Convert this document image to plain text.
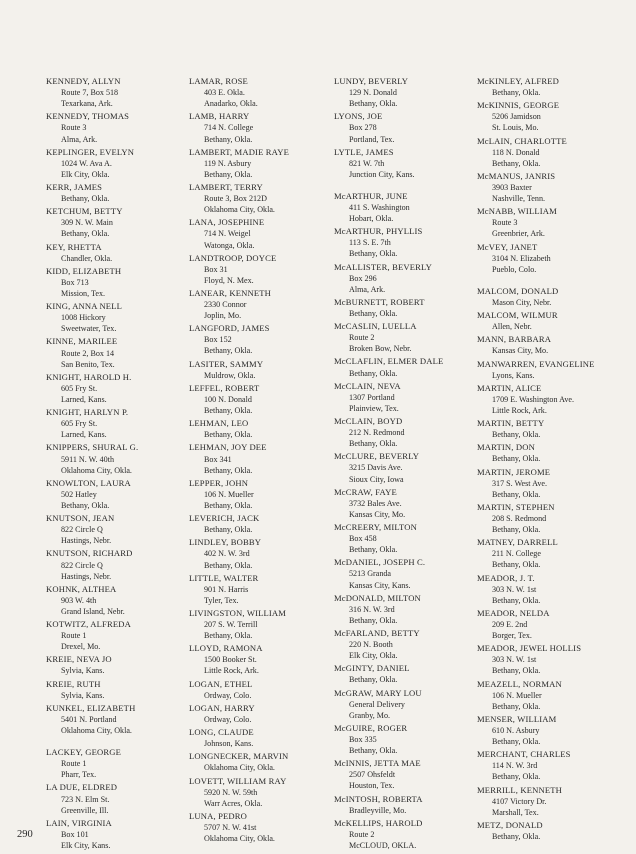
KENNEDY, ALLYN
Route 7, Box 518
Texarkana, Ark.
KENNEDY, THOMAS
Route 3
Alma, Ark.
KEPLINGER, EVELYN
1024 W. Ava A.
Elk City, Okla.
KERR, JAMES
Bethany, Okla.
KETCHUM, BETTY
309 N. W. Main
Bethany, Okla.
KEY, RHETTA
Chandler, Okla.
KIDD, ELIZABETH
Box 713
Mission, Tex.
KING, ANNA NELL
1008 Hickory
Sweetwater, Tex.
KINNE, MARILEE
Route 2, Box 14
San Benito, Tex.
KNIGHT, HAROLD H.
605 Fry St.
Larned, Kans.
KNIGHT, HARLYN P.
605 Fry St.
Larned, Kans.
KNIPPERS, SHURAL G.
5911 N. W. 40th
Oklahoma City, Okla.
KNOWLTON, LAURA
502 Hatley
Bethany, Okla.
KNUTSON, JEAN
822 Circle Q
Hastings, Nebr.
KNUTSON, RICHARD
822 Circle Q
Hastings, Nebr.
KOHNK, ALTHEA
903 W. 4th
Grand Island, Nebr.
KOTWITZ, ALFREDA
Route 1
Drexel, Mo.
KREIE, NEVA JO
Sylvia, Kans.
KREIE, RUTH
Sylvia, Kans.
KUNKEL, ELIZABETH
5401 N. Portland
Oklahoma City, Okla.
LACKEY, GEORGE
Route 1
Pharr, Tex.
LA DUE, ELDRED
723 N. Elm St.
Greenville, Ill.
LAIN, VIRGINIA
Box 101
Elk City, Kans.
LAMAR, ROSE
403 E. Okla.
Anadarko, Okla.
LAMB, HARRY
714 N. College
Bethany, Okla.
LAMBERT, MADIE RAYE
119 N. Asbury
Bethany, Okla.
LAMBERT, TERRY
Route 3, Box 212D
Oklahoma City, Okla.
LANA, JOSEPHINE
714 N. Weigel
Watonga, Okla.
LANDTROOP, DOYCE
Box 31
Floyd, N. Mex.
LANEAR, KENNETH
2330 Connor
Joplin, Mo.
LANGFORD, JAMES
Box 152
Bethany, Okla.
LASITER, SAMMY
Muldrow, Okla.
LEFFEL, ROBERT
100 N. Donald
Bethany, Okla.
LEHMAN, LEO
Bethany, Okla.
LEHMAN, JOY DEE
Box 341
Bethany, Okla.
LEPPER, JOHN
106 N. Mueller
Bethany, Okla.
LEVERICH, JACK
Bethany, Okla.
LINDLEY, BOBBY
402 N. W. 3rd
Bethany, Okla.
LITTLE, WALTER
901 N. Harris
Tyler, Tex.
LIVINGSTON, WILLIAM
207 S. W. Terrill
Bethany, Okla.
LLOYD, RAMONA
1500 Booker St.
Little Rock, Ark.
LOGAN, ETHEL
Ordway, Colo.
LOGAN, HARRY
Ordway, Colo.
LONG, CLAUDE
Johnson, Kans.
LONGNECKER, MARVIN
Oklahoma City, Okla.
LOVETT, WILLIAM RAY
5920 N. W. 59th
Warr Acres, Okla.
LUNA, PEDRO
5707 N. W. 41st
Oklahoma City, Okla.
LUNDY, BEVERLY
129 N. Donald
Bethany, Okla.
LYONS, JOE
Box 278
Portland, Tex.
LYTLE, JAMES
821 W. 7th
Junction City, Kans.
McARTHUR, JUNE
411 S. Washington
Hobart, Okla.
McARTHUR, PHYLLIS
113 S. E. 7th
Bethany, Okla.
McALLISTER, BEVERLY
Box 296
Alma, Ark.
McBURNETT, ROBERT
Bethany, Okla.
McCASLIN, LUELLA
Route 2
Broken Bow, Nebr.
McCLAFLIN, ELMER DALE
Bethany, Okla.
McCLAIN, NEVA
1307 Portland
Plainview, Tex.
McCLAIN, BOYD
212 N. Redmond
Bethany, Okla.
McCLURE, BEVERLY
3215 Davis Ave.
Sioux City, Iowa
McCRAW, FAYE
3732 Bales Ave.
Kansas City, Mo.
McCREERY, MILTON
Box 458
Bethany, Okla.
McDANIEL, JOSEPH C.
5213 Granda
Kansas City, Kans.
McDONALD, MILTON
316 N. W. 3rd
Bethany, Okla.
McFARLAND, BETTY
220 N. Booth
Elk City, Okla.
McGINTY, DANIEL
Bethany, Okla.
McGRAW, MARY LOU
General Delivery
Granby, Mo.
McGUIRE, ROGER
Box 335
Bethany, Okla.
McINNIS, JETTA MAE
2507 Ohsfeldt
Houston, Tex.
McINTOSH, ROBERTA
Bradleyville, Mo.
McKELLIPS, HAROLD
Route 2
McCLOUD, OKLA.
McKINLEY, ALFRED
Bethany, Okla.
McKINNIS, GEORGE
5206 Jamidson
St. Louis, Mo.
McLAIN, CHARLOTTE
118 N. Donald
Bethany, Okla.
McMANUS, JANRIS
3903 Baxter
Nashville, Tenn.
McNABB, WILLIAM
Route 3
Greenbrier, Ark.
McVEY, JANET
3104 N. Elizabeth
Pueblo, Colo.
MALCOM, DONALD
Mason City, Nebr.
MALCOM, WILMUR
Allen, Nebr.
MANN, BARBARA
Kansas City, Mo.
MANWARREN, EVANGELINE
Lyons, Kans.
MARTIN, ALICE
1709 E. Washington Ave.
Little Rock, Ark.
MARTIN, BETTY
Bethany, Okla.
MARTIN, DON
Bethany, Okla.
MARTIN, JEROME
317 S. West Ave.
Bethany, Okla.
MARTIN, STEPHEN
208 S. Redmond
Bethany, Okla.
MATNEY, DARRELL
211 N. College
Bethany, Okla.
MEADOR, J. T.
303 N. W. 1st
Bethany, Okla.
MEADOR, NELDA
209 E. 2nd
Borger, Tex.
MEADOR, JEWEL HOLLIS
303 N. W. 1st
Bethany, Okla.
MEAZELL, NORMAN
106 N. Mueller
Bethany, Okla.
MENSER, WILLIAM
610 N. Asbury
Bethany, Okla.
MERCHANT, CHARLES
114 N. W. 3rd
Bethany, Okla.
MERRILL, KENNETH
4107 Victory Dr.
Marshall, Tex.
METZ, DONALD
Bethany, Okla.
290
